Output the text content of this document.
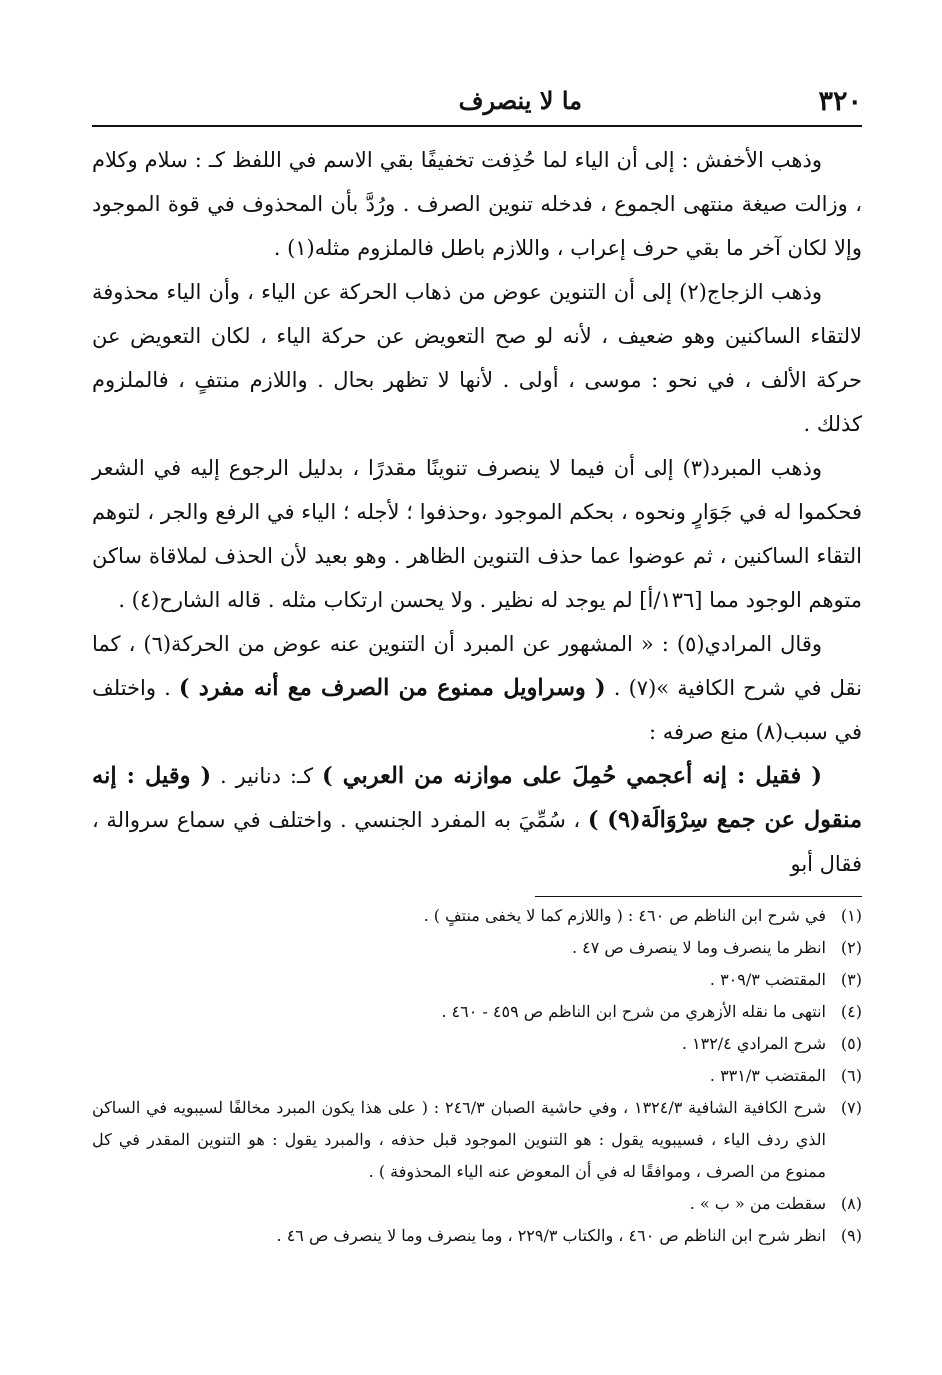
٣٢٠
ما لا ينصرف

وذهب الأخفش : إلى أن الياء لما حُذِفت تخفيفًا بقي الاسم في اللفظ كـ : سلام وكلام ، وزالت صيغة منتهى الجموع ، فدخله تنوين الصرف . ورُدَّ بأن المحذوف في قوة الموجود وإلا لكان آخر ما بقي حرف إعراب ، واللازم باطل فالملزوم مثله(١) .

وذهب الزجاج(٢) إلى أن التنوين عوض من ذهاب الحركة عن الياء ، وأن الياء محذوفة لالتقاء الساكنين وهو ضعيف ، لأنه لو صح التعويض عن حركة الياء ، لكان التعويض عن حركة الألف ، في نحو : موسى ، أولى . لأنها لا تظهر بحال . واللازم منتفٍ ، فالملزوم كذلك .

وذهب المبرد(٣) إلى أن فيما لا ينصرف تنوينًا مقدرًا ، بدليل الرجوع إليه في الشعر فحكموا له في جَوَارٍ ونحوه ، بحكم الموجود ،وحذفوا ؛ لأجله ؛ الياء في الرفع والجر ، لتوهم التقاء الساكنين ، ثم عوضوا عما حذف التنوين الظاهر . وهو بعيد لأن الحذف لملاقاة ساكن متوهم الوجود مما [١٣٦/أ] لم يوجد له نظير . ولا يحسن ارتكاب مثله . قاله الشارح(٤) .

وقال المرادي(٥) : « المشهور عن المبرد أن التنوين عنه عوض من الحركة(٦) ، كما نقل في شرح الكافية »(٧) . ( وسراويل ممنوع من الصرف مع أنه مفرد ) . واختلف في سبب(٨) منع صرفه :

( فقيل : إنه أعجمي حُمِلَ على موازنه من العربي ) كـ: دنانير . ( وقيل : إنه منقول عن جمع سِرْوَالَة(٩) ) ، سُمِّيَ به المفرد الجنسي . واختلف في سماع سروالة ، فقال أبو

(١)
في شرح ابن الناظم ص ٤٦٠ : ( واللازم كما لا يخفى منتفٍ ) .
(٢)
انظر ما ينصرف وما لا ينصرف ص ٤٧ .
(٣)
المقتضب ٣٠٩/٣ .
(٤)
انتهى ما نقله الأزهري من شرح ابن الناظم ص ٤٥٩ - ٤٦٠ .
(٥)
شرح المرادي ١٣٢/٤ .
(٦)
المقتضب ٣٣١/٣ .
(٧)
شرح الكافية الشافية ١٣٢٤/٣ ، وفي حاشية الصبان ٢٤٦/٣ : ( على هذا يكون المبرد مخالفًا لسيبويه في الساكن الذي ردف الياء ، فسيبويه يقول : هو التنوين الموجود قبل حذفه ، والمبرد يقول : هو التنوين المقدر في كل ممنوع من الصرف ، وموافقًا له في أن المعوض عنه الياء المحذوفة ) .
(٨)
سقطت من « ب » .
(٩)
انظر شرح ابن الناظم ص ٤٦٠ ، والكتاب ٢٢٩/٣ ، وما ينصرف وما لا ينصرف ص ٤٦ .
